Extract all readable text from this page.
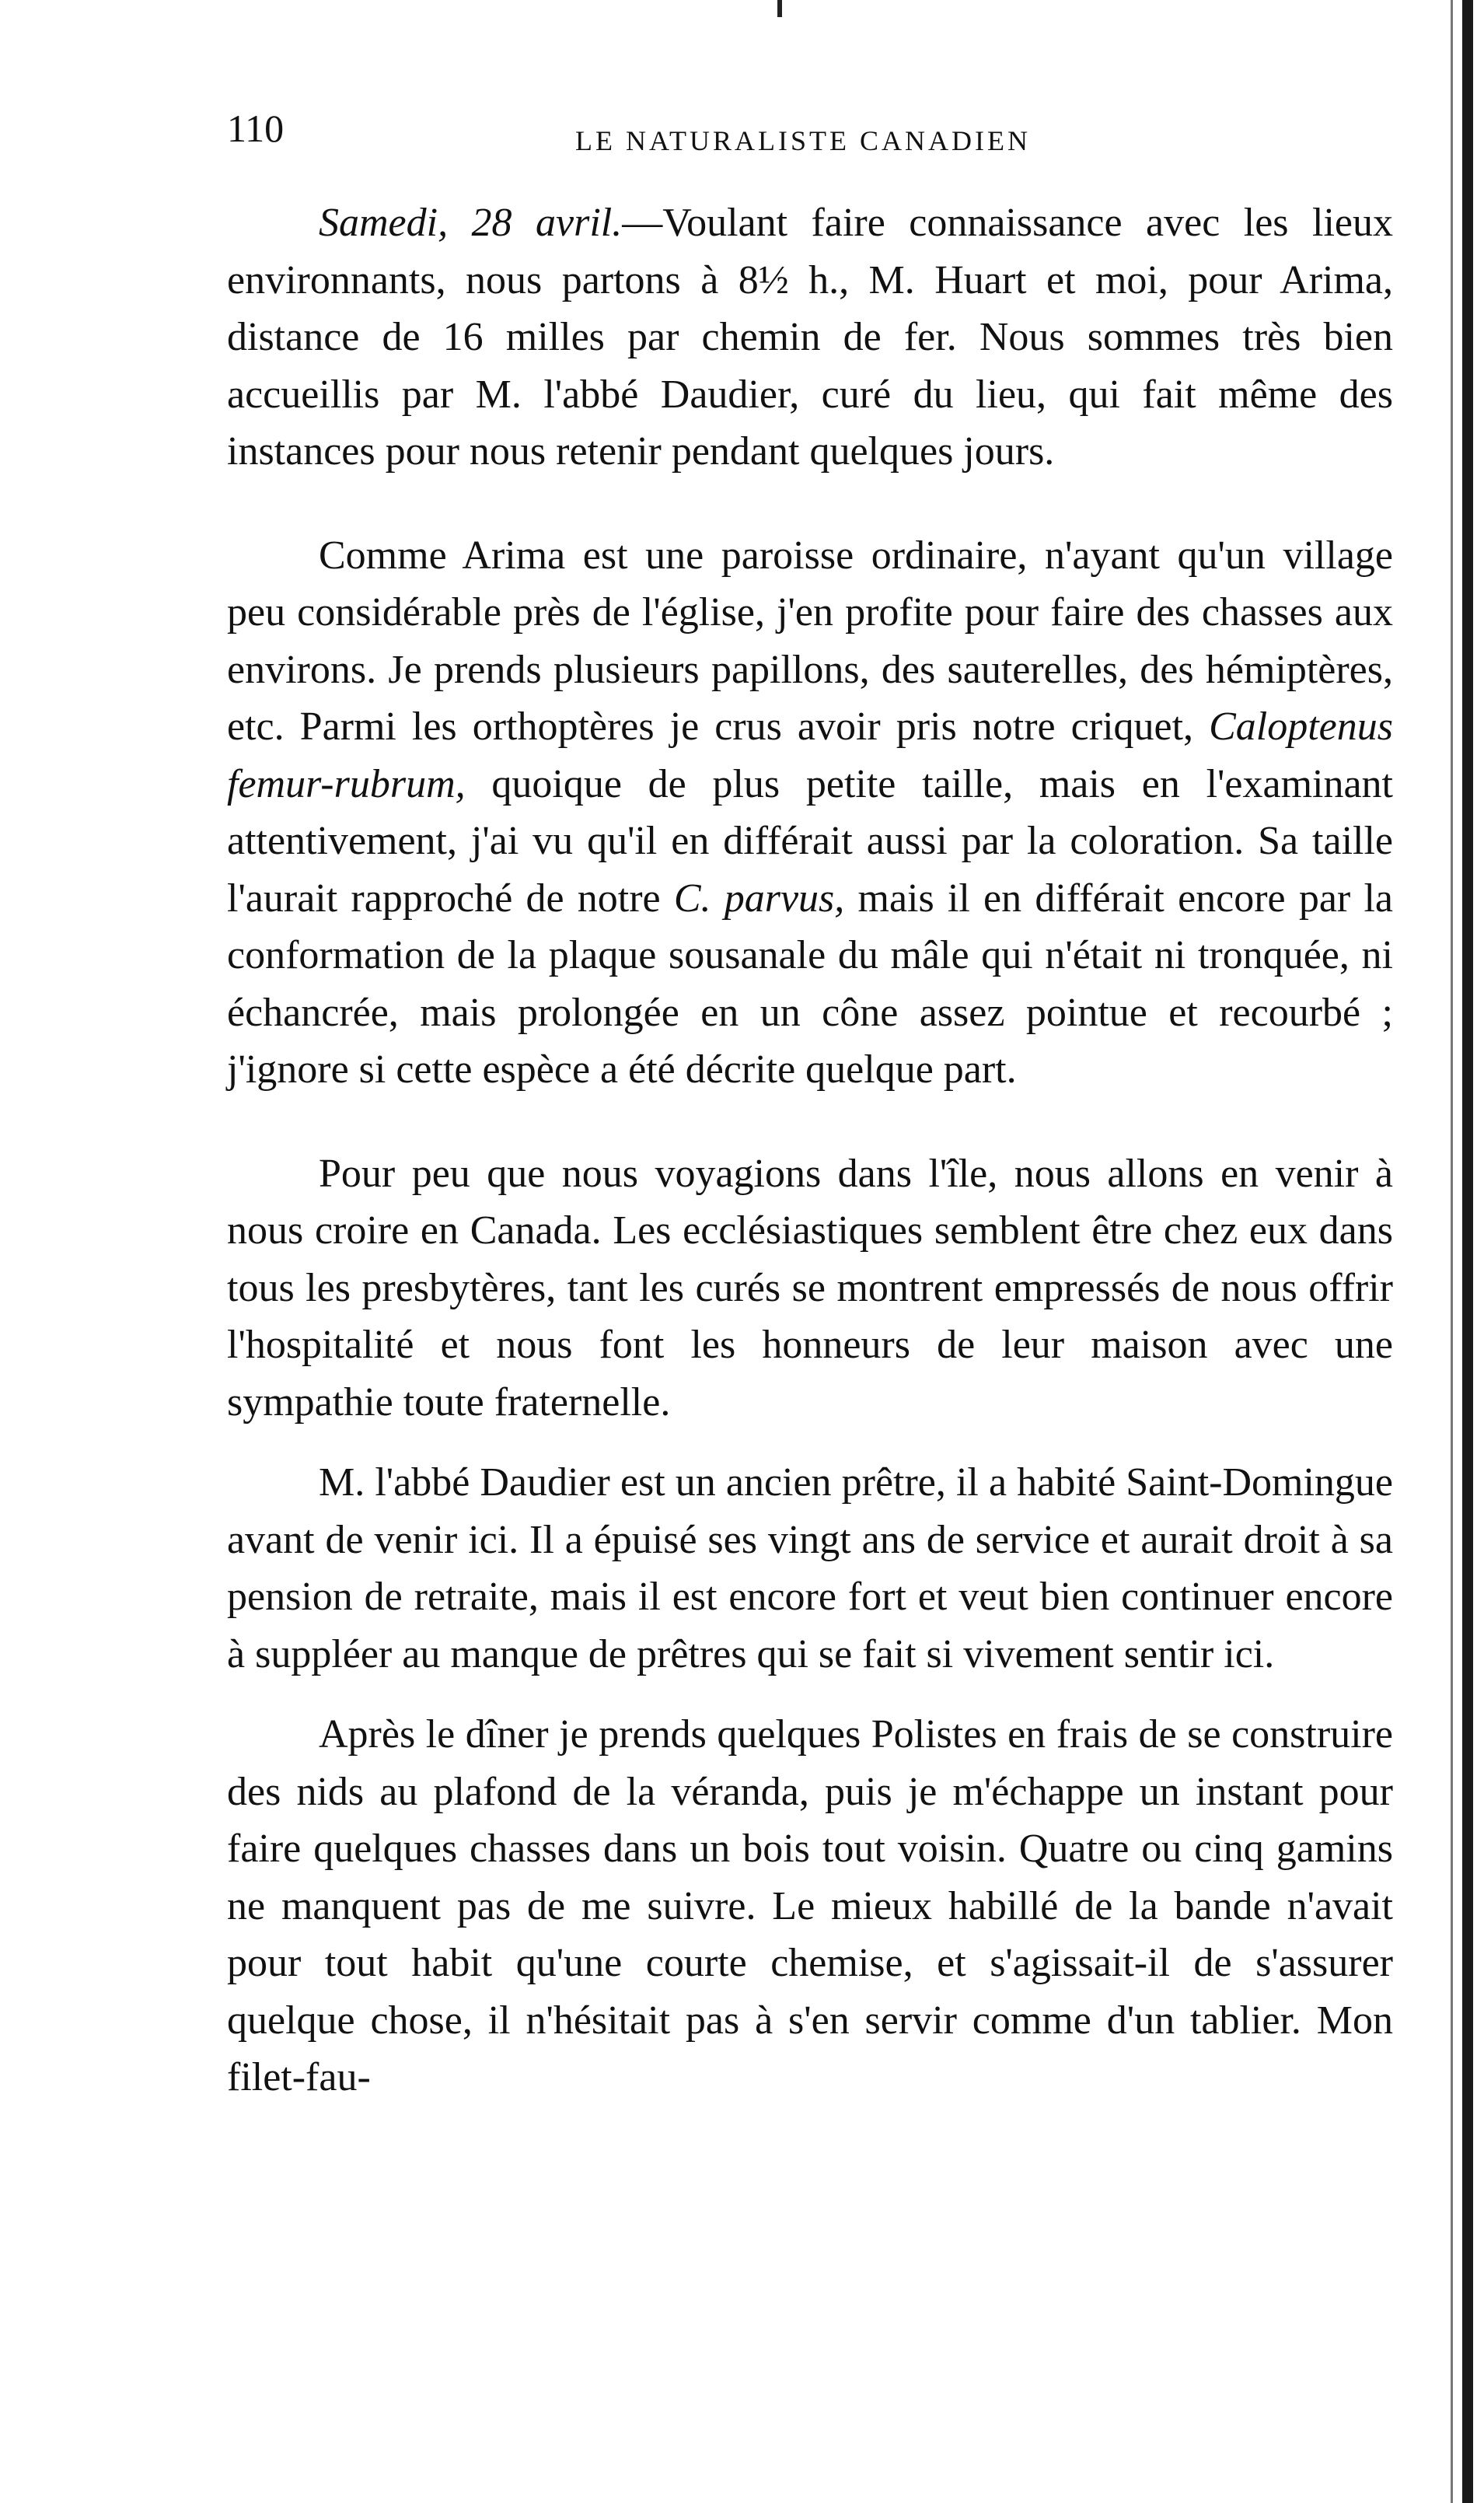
110	LE NATURALISTE CANADIEN

Samedi, 28 avril.—Voulant faire connaissance avec les lieux environnants, nous partons à 8½ h., M. Huart et moi, pour Arima, distance de 16 milles par chemin de fer. Nous sommes très bien accueillis par M. l'abbé Daudier, curé du lieu, qui fait même des instances pour nous retenir pendant quelques jours.

Comme Arima est une paroisse ordinaire, n'ayant qu'un village peu considérable près de l'église, j'en profite pour faire des chasses aux environs. Je prends plusieurs papillons, des sauterelles, des hémiptères, etc. Parmi les orthoptères je crus avoir pris notre criquet, Caloptenus femur-rubrum, quoique de plus petite taille, mais en l'examinant attentivement, j'ai vu qu'il en différait aussi par la coloration. Sa taille l'aurait rapproché de notre C. parvus, mais il en différait encore par la conformation de la plaque sousanale du mâle qui n'était ni tronquée, ni échancrée, mais prolongée en un cône assez pointue et recourbé ; j'ignore si cette espèce a été décrite quelque part.

Pour peu que nous voyagions dans l'île, nous allons en venir à nous croire en Canada. Les ecclésiastiques semblent être chez eux dans tous les presbytères, tant les curés se montrent empressés de nous offrir l'hospitalité et nous font les honneurs de leur maison avec une sympathie toute fraternelle.

M. l'abbé Daudier est un ancien prêtre, il a habité Saint-Domingue avant de venir ici. Il a épuisé ses vingt ans de service et aurait droit à sa pension de retraite, mais il est encore fort et veut bien continuer encore à suppléer au manque de prêtres qui se fait si vivement sentir ici.

Après le dîner je prends quelques Polistes en frais de se construire des nids au plafond de la véranda, puis je m'échappe un instant pour faire quelques chasses dans un bois tout voisin. Quatre ou cinq gamins ne manquent pas de me suivre. Le mieux habillé de la bande n'avait pour tout habit qu'une courte chemise, et s'agissait-il de s'assurer quelque chose, il n'hésitait pas à s'en servir comme d'un tablier. Mon filet-fau-
